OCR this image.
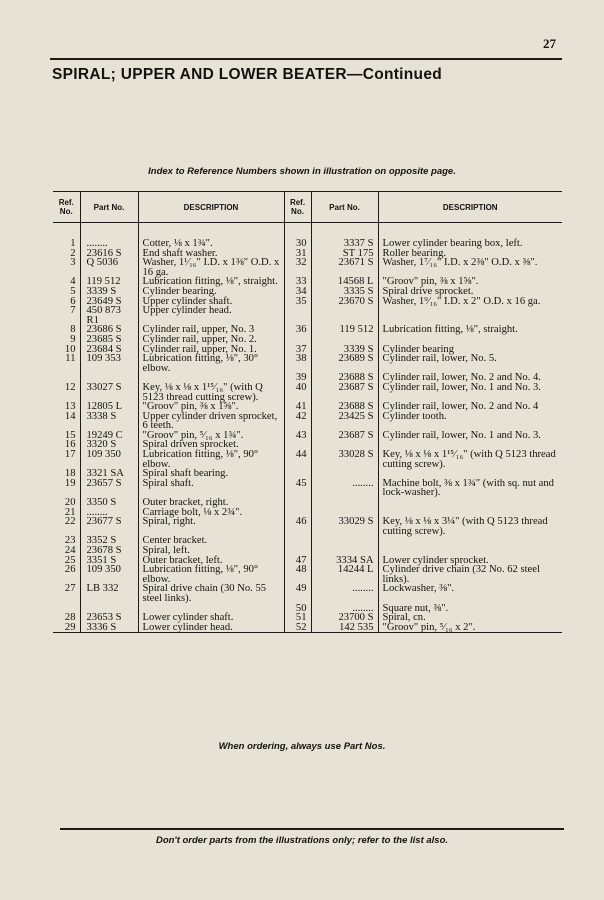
27
SPIRAL; UPPER AND LOWER BEATER—Continued
Index to Reference Numbers shown in illustration on opposite page.
Ref. No.	Part No.	DESCRIPTION	Ref. No.	Part No.	DESCRIPTION
1	........	Cotter, ⅛ x 1¾".	30	3337 S	Lower cylinder bearing box, left.
2	23616 S	End shaft washer.	31	ST 175	Roller bearing.
3	Q 5036	Washer, 1¹⁄₁₆" I.D. x 1⅜" O.D. x 16 ga.	32	23671 S	Washer, 1⁷⁄₁₆" I.D. x 2⅜" O.D. x ⅜".
4	119 512	Lubrication fitting, ⅛", straight.	33	14568 L	"Groov" pin, ⅜ x 1⅝".
5	3339 S	Cylinder bearing.	34	3335 S	Spiral drive sprocket.
6	23649 S	Upper cylinder shaft.	35	23670 S	Washer, 1⁹⁄₁₆" I.D. x 2" O.D. x 16 ga.
7	450 873 R1	Upper cylinder head.			
8	23686 S	Cylinder rail, upper, No. 3	36	119 512	Lubrication fitting, ⅛", straight.
9	23685 S	Cylinder rail, upper, No. 2.			
10	23684 S	Cylinder rail, upper, No. 1.	37	3339 S	Cylinder bearing
11	109 353	Lubrication fitting, ⅛", 30° elbow.	38	23689 S	Cylinder rail, lower, No. 5.
			39	23688 S	Cylinder rail, lower, No. 2 and No. 4.
12	33027 S	Key, ⅛ x ⅛ x 1¹⁵⁄₁₆" (with Q 5123 thread cutting screw).	40	23687 S	Cylinder rail, lower, No. 1 and No. 3.
13	12805 L	"Groov" pin, ⅜ x 1⅝".	41	23688 S	Cylinder rail, lower, No. 2 and No. 4
14	3338 S	Upper cylinder driven sprocket, 6 teeth.	42	23425 S	Cylinder tooth.
15	19249 C	"Groov" pin, ⁵⁄₁₆ x 1¾".	43	23687 S	Cylinder rail, lower, No. 1 and No. 3.
16	3320 S	Spiral driven sprocket.			
17	109 350	Lubrication fitting, ⅛", 90° elbow.	44	33028 S	Key, ⅛ x ⅛ x 1¹⁵⁄₁₆" (with Q 5123 thread cutting screw).
18	3321 SA	Spiral shaft bearing.			
19	23657 S	Spiral shaft.	45	........	Machine bolt, ⅜ x 1¾" (with sq. nut and lock-washer).
20	3350 S	Outer bracket, right.			
21	........	Carriage bolt, ⅛ x 2¾".			
22	23677 S	Spiral, right.	46	33029 S	Key, ⅛ x ⅛ x 3¼" (with Q 5123 thread cutting screw).
23	3352 S	Center bracket.			
24	23678 S	Spiral, left.			
25	3351 S	Outer bracket, left.	47	3334 SA	Lower cylinder sprocket.
26	109 350	Lubrication fitting, ⅛", 90° elbow.	48	14244 L	Cylinder drive chain (32 No. 62 steel links).
27	LB 332	Spiral drive chain (30 No. 55 steel links).	49	........	Lockwasher, ⅜".
			50	........	Square nut, ⅜".
28	23653 S	Lower cylinder shaft.	51	23700 S	Spiral, cn.
29	3336 S	Lower cylinder head.	52	142 535	"Groov" pin, ⁵⁄₁₆ x 2".
When ordering, always use Part Nos.
Don't order parts from the illustrations only; refer to the list also.
